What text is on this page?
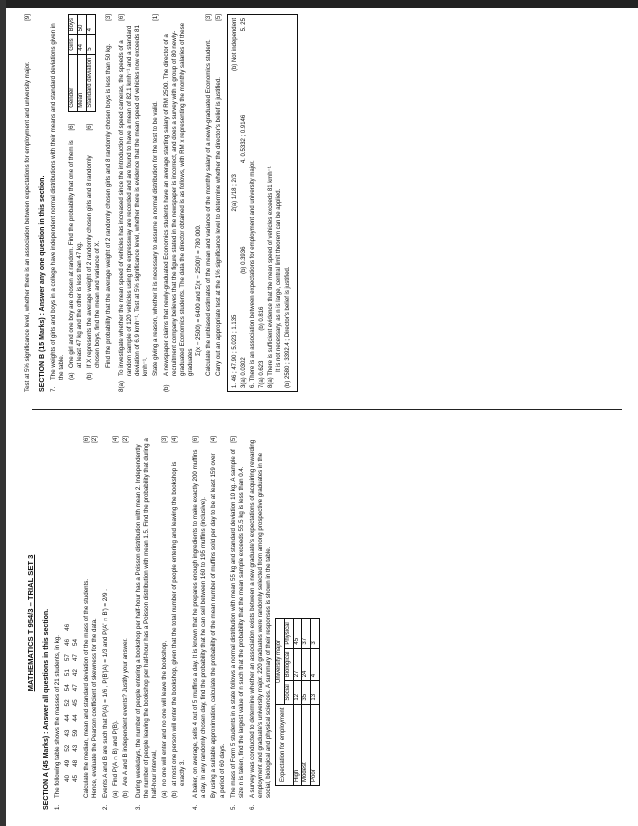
MATHEMATICS T 954/3 – TRIAL SET 3 SECTION A (45 Marks) : Answer all questions in this section. 1.
The following table shows the masses of 21 students, in kg. 40	49	52	43	44	52	54	51	57	46	46
45	48	43	59	44	45	47	42	47	54	
[6]
Calculate the median, mean and standard deviation of the mass of the students.
[2]
Hence, evaluate the Pearson coefficient of skewness for the data.
2.
Events A and B are such that P(A) = 1/6 , P(B'|A) = 1/3 and P(A' ∩ B') = 2/9 . (a)
[4]
Find P(A ∩ B) and P(B).
(b)
[2]
Are A and B independent events? Justify your answer.
3.
During weekdays, the number of people entering a bookshop per half-hour has a Poisson distribution with mean 2. Independently the number of people leaving the bookshop per half-hour has a Poisson distribution with mean 1.5. Find the probability that during a half-hour interval, (a)
[3]
no one will enter and no one will leave the bookshop,
(b)
[4]
at most one person will enter the bookshop, given that the total number of people entering and leaving the bookshop is exactly 3.
4.
[6]
A baker, on average, sells 4 out of 5 muffins a day. It is known that he prepares enough ingredients to make exactly 200 muffins a day. In any randomly chosen day, find the probability that he can sell between 160 to 195 muffins (inclusive).
[4]
By using a suitable approximation, calculate the probability of the mean number of muffins sold per day to be at least 159 over a period of 60 days.
5.
[5]
The mass of Form 5 students in a state follows a normal distribution with mean 55 kg and standard deviation 10 kg. A sample of size n is taken, find the largest value of n such that the probability that the mean sample exceeds 55.5 kg is less than 0.4.
6.
A survey was conducted to determine whether an association exists between a new graduate's expectations of acquiring rewarding employment and graduate's university major. 220 graduates were randomly selected from among prospective graduates in the social, biological and physical sciences. A summary of their responses is shown in the table. Expectation for employment	University major		
	Social	Biological	Physical
High	12	27	45
Modest	35	24	37
Poor	13	4	3
[9]
Test at 5% significance level, whether there is an association between expectations for employment and university major. SECTION B (15 Marks) : Answer any one question in this section. 7.
The weights of girls and boys in a college have independent normal distributions with their means and standard deviations given in the table.
Gender	Girls	Boys
Mean	44	50
Standard deviation	5	4
(a)
[6]
One girl and one boy are chosen at random. Find the probability that one of them is at least 47 kg and the other is less than 47 kg.
(b)
[6]
If X represents the average weight of 2 randomly chosen girls and 8 randomly chosen boys, find the mean and variance of X.
[3]
Find the probability that the average weight of 2 randomly chosen girls and 8 randomly chosen boys is less than 50 kg.
8(a)
[6]
To investigate whether the mean speed of vehicles has increased since the introduction of speed cameras, the speeds of a random sample of 120 vehicles using the expressway are recorded and are found to have a mean of 82.1 kmh⁻¹ and a standard deviation of 6.9 kmh⁻¹. Test at 5% significance level, whether there is evidence that the mean speed of vehicles now exceeds 81 kmh⁻¹.
[1]
State giving a reason, whether it is necessary to assume a normal distribution for the test to be valid.
(b)
A newspaper claims that newly-graduated Economics students have an average starting salary of RM 2500. The director of a recruitment company believes that the figure stated in the newspaper is incorrect, and does a survey with a group of 80 newly-graduated Economics students. The data the director obtained is as follows, with RM x representing the monthly salaries of these graduates
Σ(x − 2500) = 6400 and Σ(x − 2500)² = 780 000.
[3]
Calculate the unbiased estimates of the mean and variance of the monthly salary of a newly-graduated Economics student.
[5]
Carry out an appropriate test at the 1% significance level to determine whether the director's belief is justified. 1. 46 ; 47.90 ; 5.023 ; 1.135
2(a) 1/18 ; 2/3
(b) Not independent
3(a) 0.0302
(b) 0.3936
4. 0.5332 ; 0.9146
5. 25
6. There is an association between expectations for employment and university major. 7(a) 0.623
(b) 0.816 8(a) There is sufficient evidence that the mean speed of vehicles exceeds 81 kmh⁻¹ It is not necessary, as n is large, central limit theorem can be applied. (b) 2580 ; 3392.4 ; Director's belief is justified.
